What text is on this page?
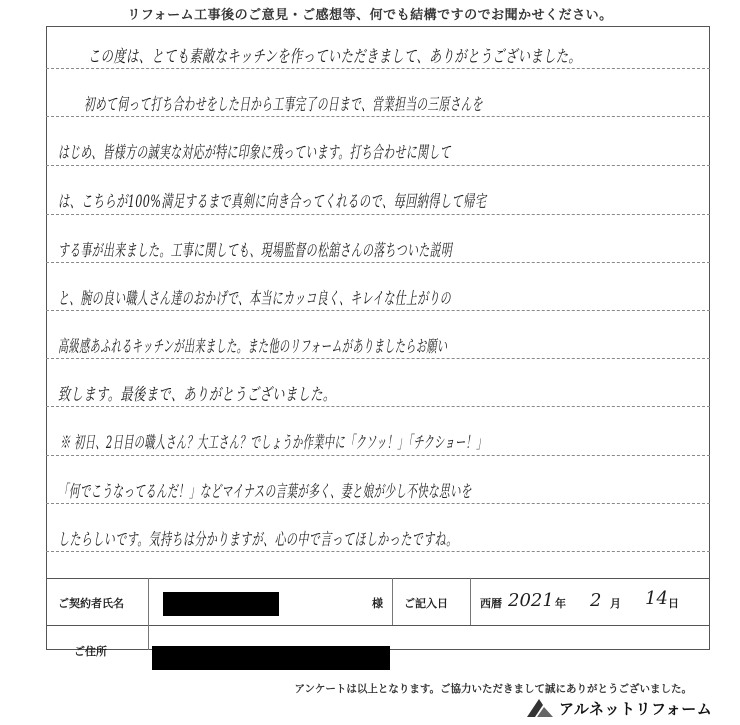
リフォーム工事後のご意見・ご感想等、何でも結構ですのでお聞かせください。
この度は、とても素敵なキッチンを作っていただきまして、ありがとうございました。
初めて伺って打ち合わせをした日から工事完了の日まで、営業担当の三原さんを
はじめ、皆様方の誠実な対応が特に印象に残っています。打ち合わせに関して
は、こちらが100%満足するまで真剣に向き合ってくれるので、毎回納得して帰宅
する事が出来ました。工事に関しても、現場監督の松舘さんの落ちついた説明
と、腕の良い職人さん達のおかげで、本当にカッコ良く、キレイな仕上がりの
高級感あふれるキッチンが出来ました。また他のリフォームがありましたらお願い
致します。最後まで、ありがとうございました。
※ 初日、2日目の職人さん？大工さん？でしょうか作業中に「クソッ！」「チクショー！」
「何でこうなってるんだ！」などマイナスの言葉が多く、妻と娘が少し不快な思いを
したらしいです。気持ちは分かりますが、心の中で言ってほしかったですね。
ご契約者氏名	様 ご記入日	西暦 2021 年 2 月 14 日
ご住所
アンケートは以上となります。ご協力いただきまして誠にありがとうございました。
アルネットリフォーム
